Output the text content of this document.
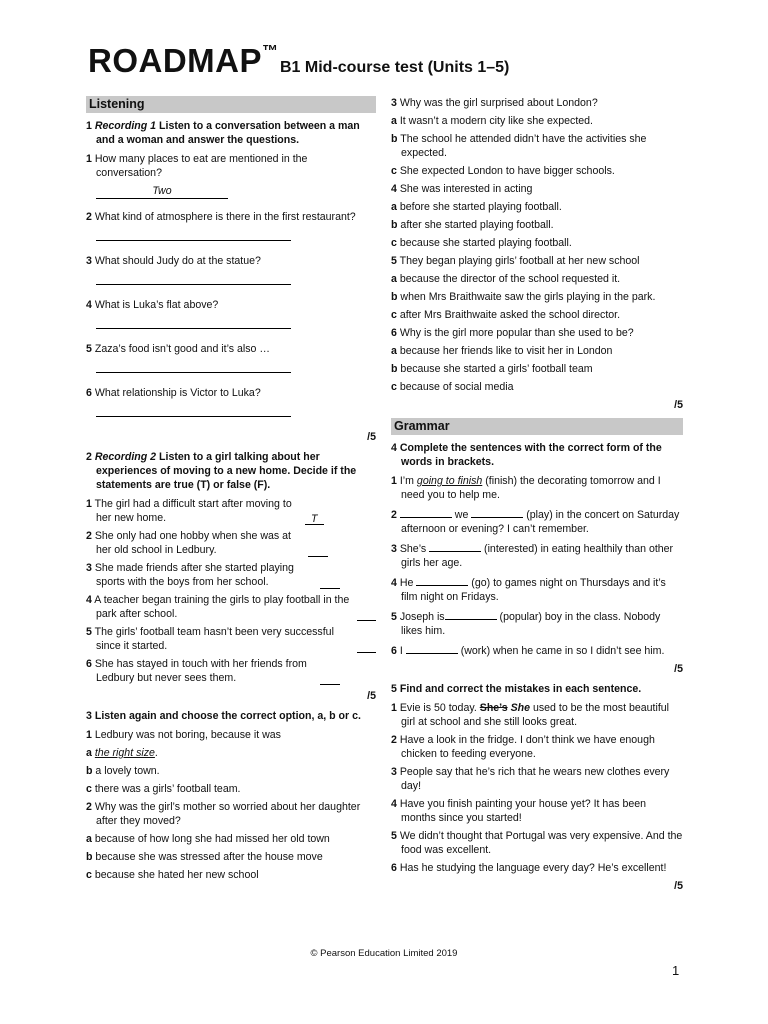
ROADMAP™B1 Mid-course test (Units 1–5)
Listening
1 Recording 1 Listen to a conversation between a man and a woman and answer the questions.
1 How many places to eat are mentioned in the conversation?
Two
2 What kind of atmosphere is there in the first restaurant?
3 What should Judy do at the statue?
4 What is Luka’s flat above?
5 Zaza’s food isn’t good and it’s also …
6 What relationship is Victor to Luka?
/5
2 Recording 2 Listen to a girl talking about her experiences of moving to a new home. Decide if the statements are true (T) or false (F).
1 The girl had a difficult start after moving to her new home.	T
2 She only had one hobby when she was at her old school in Ledbury.
3 She made friends after she started playing sports with the boys from her school.
4 A teacher began training the girls to play football in the park after school.
5 The girls’ football team hasn’t been very successful since it started.
6 She has stayed in touch with her friends from Ledbury but never sees them.
/5
3 Listen again and choose the correct option, a, b or c.
1 Ledbury was not boring, because it was
a the right size.
b a lovely town.
c there was a girls’ football team.
2 Why was the girl’s mother so worried about her daughter after they moved?
a because of how long she had missed her old town
b because she was stressed after the house move
c because she hated her new school
3 Why was the girl surprised about London?
a It wasn’t a modern city like she expected.
b The school he attended didn’t have the activities she expected.
c She expected London to have bigger schools.
4 She was interested in acting
a before she started playing football.
b after she started playing football.
c because she started playing football.
5 They began playing girls’ football at her new school
a because the director of the school requested it.
b when Mrs Braithwaite saw the girls playing in the park.
c after Mrs Braithwaite asked the school director.
6 Why is the girl more popular than she used to be?
a because her friends like to visit her in London
b because she started a girls’ football team
c because of social media
/5
Grammar
4 Complete the sentences with the correct form of the words in brackets.
1 I’m going to finish (finish) the decorating tomorrow and I need you to help me.
2	we	(play) in the concert on Saturday afternoon or evening? I can’t remember.
3 She’s	(interested) in eating healthily than other girls her age.
4 He	(go) to games night on Thursdays and it’s film night on Fridays.
5 Joseph is	(popular) boy in the class. Nobody likes him.
6 I	(work) when he came in so I didn’t see him.
/5
5 Find and correct the mistakes in each sentence.
1 Evie is 50 today. She’s She used to be the most beautiful girl at school and she still looks great.
2 Have a look in the fridge. I don’t think we have enough chicken to feeding everyone.
3 People say that he’s rich that he wears new clothes every day!
4 Have you finish painting your house yet? It has been months since you started!
5 We didn’t thought that Portugal was very expensive. And the food was excellent.
6 Has he studying the language every day? He’s excellent!
/5
© Pearson Education Limited 2019
1
